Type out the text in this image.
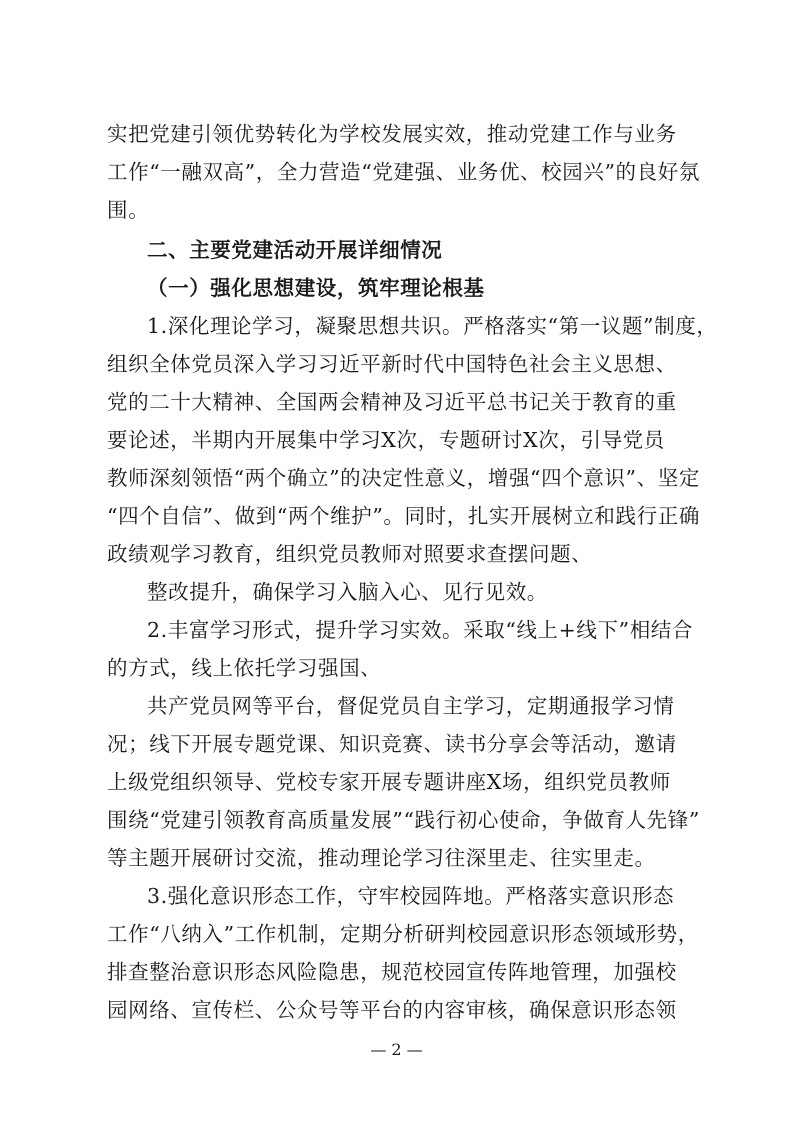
实把党建引领优势转化为学校发展实效，推动党建工作与业务
工作“一融双高”，全力营造“党建强、业务优、校园兴”的良好氛
围。
二、主要党建活动开展详细情况
（一）强化思想建设，筑牢理论根基
1.深化理论学习，凝聚思想共识。严格落实“第一议题”制度，
组织全体党员深入学习习近平新时代中国特色社会主义思想、
党的二十大精神、全国两会精神及习近平总书记关于教育的重
要论述，半期内开展集中学习X次，专题研讨X次，引导党员
教师深刻领悟“两个确立”的决定性意义，增强“四个意识”、坚定
“四个自信”、做到“两个维护”。同时，扎实开展树立和践行正确
政绩观学习教育，组织党员教师对照要求查摆问题、
整改提升，确保学习入脑入心、见行见效。
2.丰富学习形式，提升学习实效。采取“线上+线下”相结合
的方式，线上依托学习强国、
共产党员网等平台，督促党员自主学习，定期通报学习情
况；线下开展专题党课、知识竞赛、读书分享会等活动，邀请
上级党组织领导、党校专家开展专题讲座X场，组织党员教师
围绕“党建引领教育高质量发展”“践行初心使命，争做育人先锋”
等主题开展研讨交流，推动理论学习往深里走、往实里走。
3.强化意识形态工作，守牢校园阵地。严格落实意识形态
工作“八纳入”工作机制，定期分析研判校园意识形态领域形势，
排查整治意识形态风险隐患，规范校园宣传阵地管理，加强校
园网络、宣传栏、公众号等平台的内容审核，确保意识形态领
— 2 —
